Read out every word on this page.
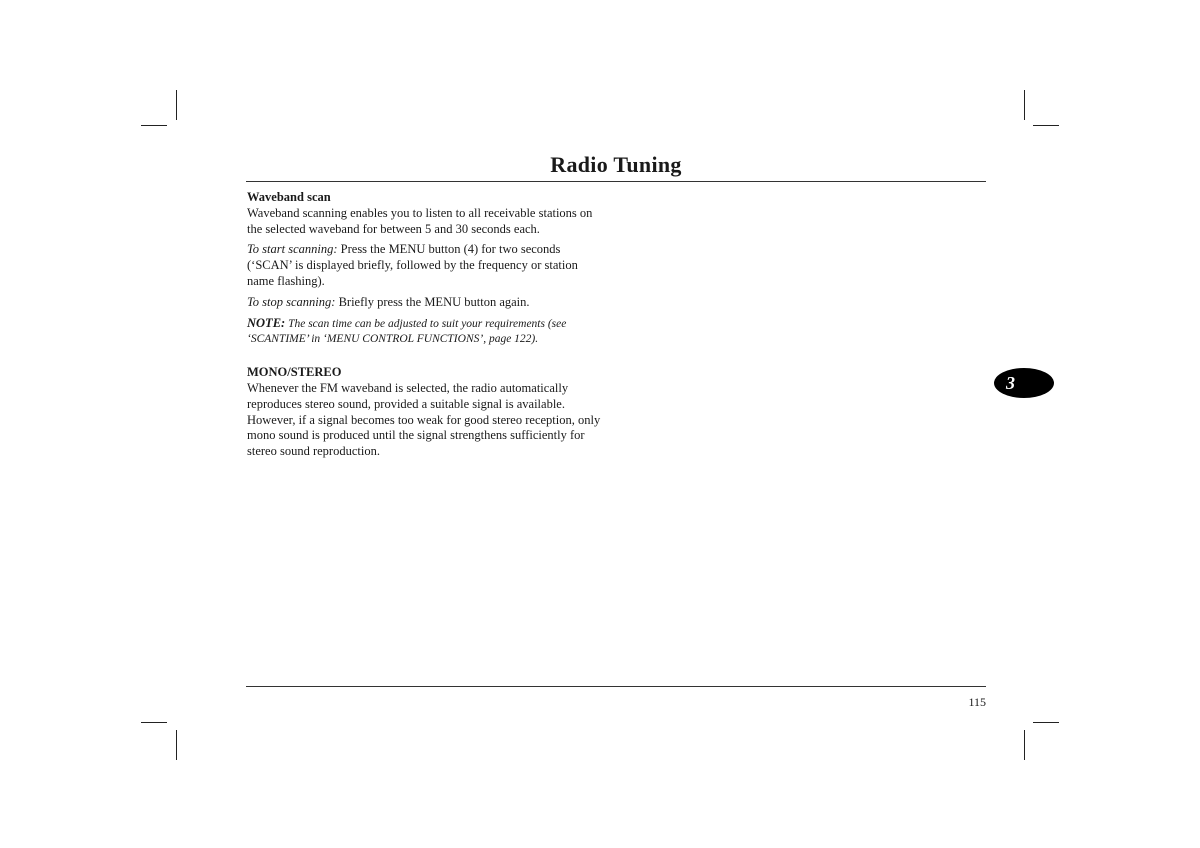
Radio Tuning

Waveband scan
Waveband scanning enables you to listen to all receivable stations on the selected waveband for between 5 and 30 seconds each.

To start scanning: Press the MENU button (4) for two seconds (‘SCAN’ is displayed briefly, followed by the frequency or station name flashing).

To stop scanning: Briefly press the MENU button again.

NOTE: The scan time can be adjusted to suit your requirements (see ‘SCANTIME’ in ‘MENU CONTROL FUNCTIONS’, page 122).

MONO/STEREO
Whenever the FM waveband is selected, the radio automatically reproduces stereo sound, provided a suitable signal is available. However, if a signal becomes too weak for good stereo reception, only mono sound is produced until the signal strengthens sufficiently for stereo sound reproduction.

3
115
